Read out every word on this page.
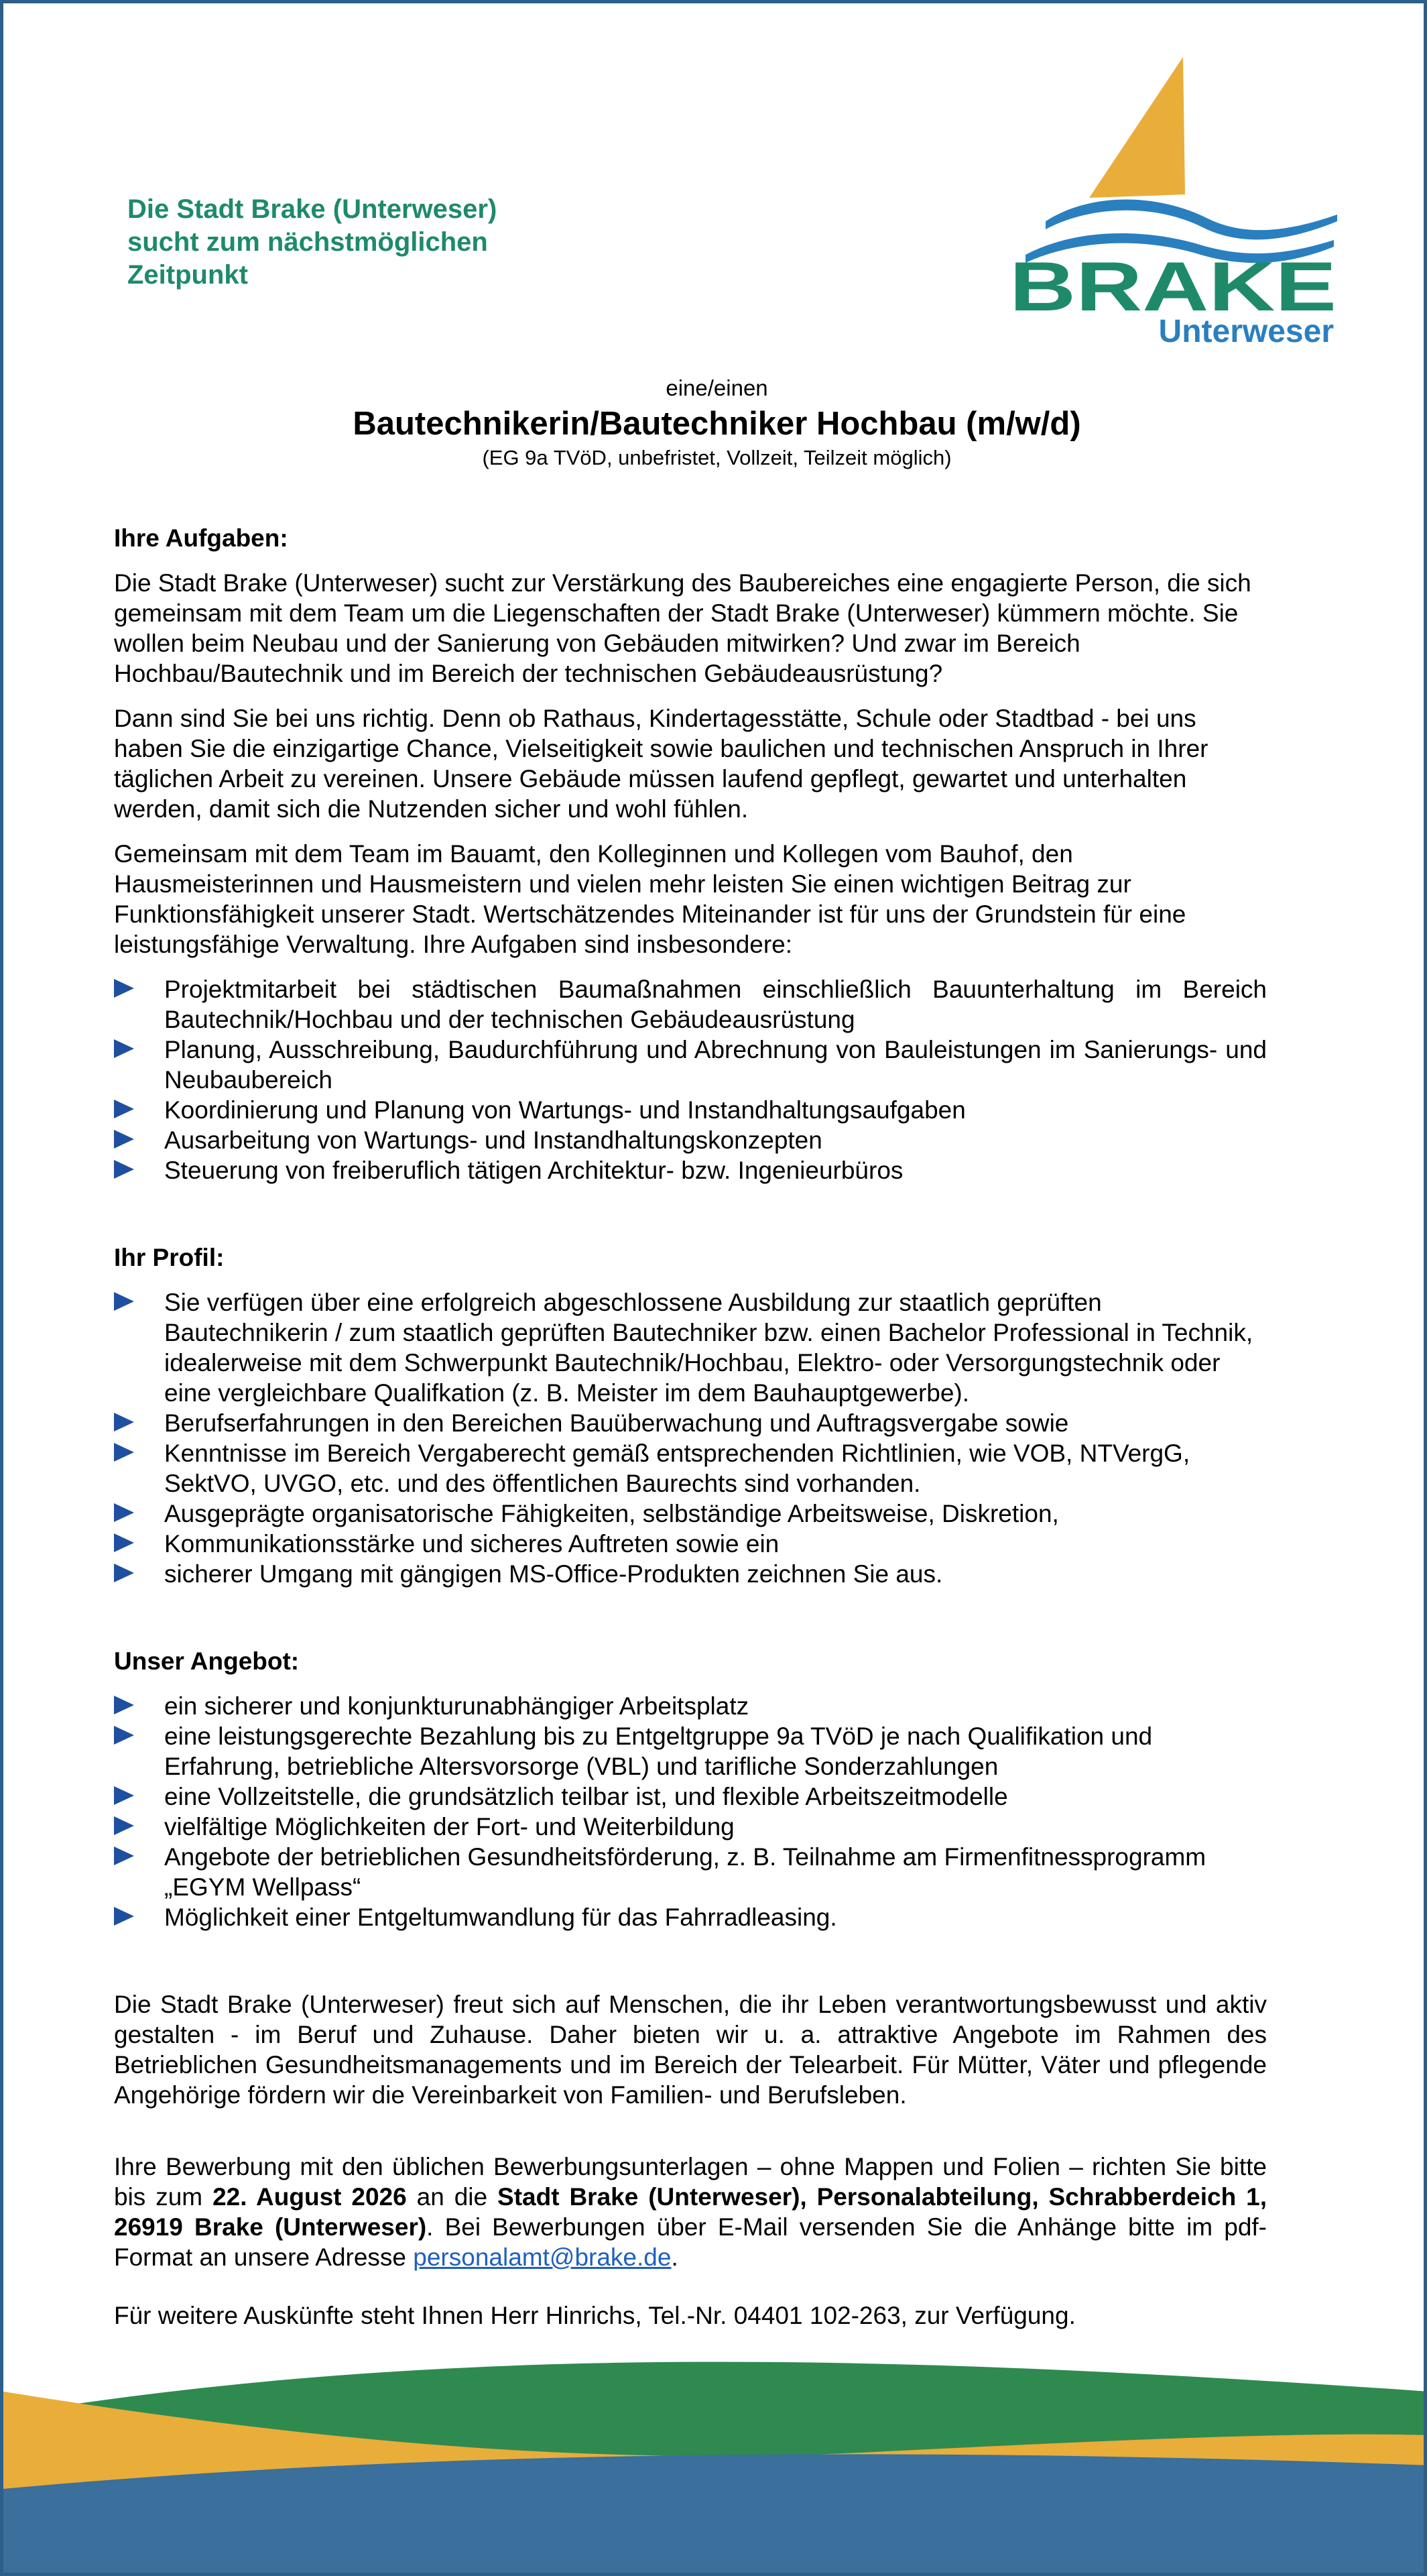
Die Stadt Brake (Unterweser)
sucht zum nächstmöglichen
Zeitpunkt	BRAKE
Unterweser
eine/einen
Bautechnikerin/Bautechniker Hochbau (m/w/d)
(EG 9a TVöD, unbefristet, Vollzeit, Teilzeit möglich)
Ihre Aufgaben:

Die Stadt Brake (Unterweser) sucht zur Verstärkung des Baubereiches eine engagierte Person, die sich gemeinsam mit dem Team um die Liegenschaften der Stadt Brake (Unterweser) kümmern möchte. Sie wollen beim Neubau und der Sanierung von Gebäuden mitwirken? Und zwar im Bereich Hochbau/Bautechnik und im Bereich der technischen Gebäudeausrüstung?

Dann sind Sie bei uns richtig. Denn ob Rathaus, Kindertagesstätte, Schule oder Stadtbad - bei uns haben Sie die einzigartige Chance, Vielseitigkeit sowie baulichen und technischen Anspruch in Ihrer täglichen Arbeit zu vereinen. Unsere Gebäude müssen laufend gepflegt, gewartet und unterhalten werden, damit sich die Nutzenden sicher und wohl fühlen.

Gemeinsam mit dem Team im Bauamt, den Kolleginnen und Kollegen vom Bauhof, den Hausmeisterinnen und Hausmeistern und vielen mehr leisten Sie einen wichtigen Beitrag zur Funktionsfähigkeit unserer Stadt. Wertschätzendes Miteinander ist für uns der Grundstein für eine leistungsfähige Verwaltung. Ihre Aufgaben sind insbesondere:

Projektmitarbeit bei städtischen Baumaßnahmen einschließlich Bauunterhaltung im Bereich Bautechnik/Hochbau und der technischen Gebäudeausrüstung
Planung, Ausschreibung, Baudurchführung und Abrechnung von Bauleistungen im Sanierungs- und Neubaubereich
Koordinierung und Planung von Wartungs- und Instandhaltungsaufgaben
Ausarbeitung von Wartungs- und Instandhaltungskonzepten
Steuerung von freiberuflich tätigen Architektur- bzw. Ingenieurbüros
Ihr Profil:
Sie verfügen über eine erfolgreich abgeschlossene Ausbildung zur staatlich geprüften Bautechnikerin / zum staatlich geprüften Bautechniker bzw. einen Bachelor Professional in Technik, idealerweise mit dem Schwerpunkt Bautechnik/Hochbau, Elektro- oder Versorgungstechnik oder eine vergleichbare Qualifkation (z. B. Meister im dem Bauhauptgewerbe).
Berufserfahrungen in den Bereichen Bauüberwachung und Auftragsvergabe sowie
Kenntnisse im Bereich Vergaberecht gemäß entsprechenden Richtlinien, wie VOB, NTVergG, SektVO, UVGO, etc. und des öffentlichen Baurechts sind vorhanden.
Ausgeprägte organisatorische Fähigkeiten, selbständige Arbeitsweise, Diskretion,
Kommunikationsstärke und sicheres Auftreten sowie ein
sicherer Umgang mit gängigen MS-Office-Produkten zeichnen Sie aus.
Unser Angebot:
ein sicherer und konjunkturunabhängiger Arbeitsplatz
eine leistungsgerechte Bezahlung bis zu Entgeltgruppe 9a TVöD je nach Qualifikation und Erfahrung, betriebliche Altersvorsorge (VBL) und tarifliche Sonderzahlungen
eine Vollzeitstelle, die grundsätzlich teilbar ist, und flexible Arbeitszeitmodelle
vielfältige Möglichkeiten der Fort- und Weiterbildung
Angebote der betrieblichen Gesundheitsförderung, z. B. Teilnahme am Firmenfitnessprogramm „EGYM Wellpass“
Möglichkeit einer Entgeltumwandlung für das Fahrradleasing.

Die Stadt Brake (Unterweser) freut sich auf Menschen, die ihr Leben verantwortungsbewusst und aktiv gestalten - im Beruf und Zuhause. Daher bieten wir u. a. attraktive Angebote im Rahmen des Betrieblichen Gesundheitsmanagements und im Bereich der Telearbeit. Für Mütter, Väter und pflegende Angehörige fördern wir die Vereinbarkeit von Familien- und Berufsleben.

Ihre Bewerbung mit den üblichen Bewerbungsunterlagen – ohne Mappen und Folien – richten Sie bitte bis zum 22. August 2026 an die Stadt Brake (Unterweser), Personalabteilung, Schrabberdeich 1, 26919 Brake (Unterweser). Bei Bewerbungen über E-Mail versenden Sie die Anhänge bitte im pdf-Format an unsere Adresse personalamt@brake.de.

Für weitere Auskünfte steht Ihnen Herr Hinrichs, Tel.-Nr. 04401 102-263, zur Verfügung.
